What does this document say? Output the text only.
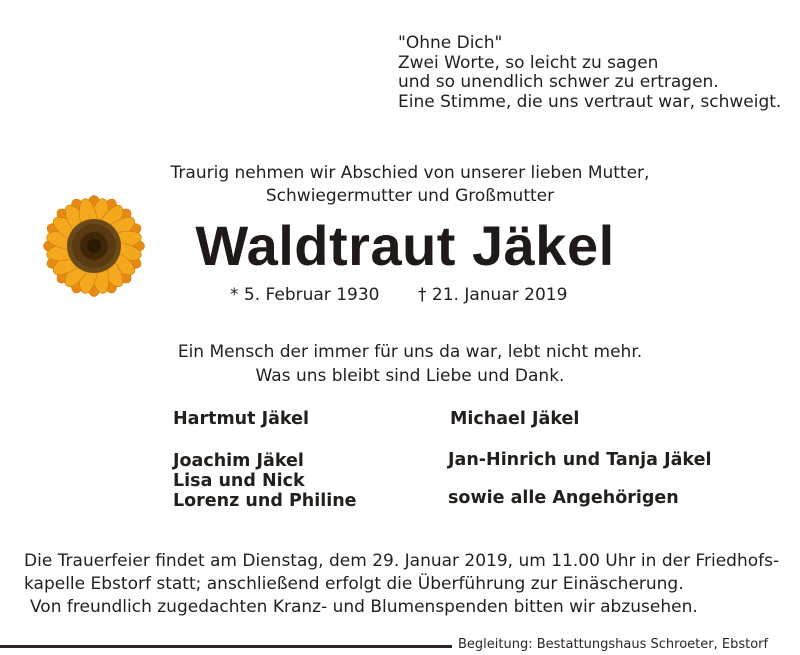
"Ohne Dich"
Zwei Worte, so leicht zu sagen
und so unendlich schwer zu ertragen.
Eine Stimme, die uns vertraut war, schweigt.
Traurig nehmen wir Abschied von unserer lieben Mutter,
Schwiegermutter und Großmutter
Waldtraut Jäkel
* 5. Februar 1930 † 21. Januar 2019
Ein Mensch der immer für uns da war, lebt nicht mehr.
Was uns bleibt sind Liebe und Dank.
Hartmut Jäkel
Joachim Jäkel
Lisa und Nick
Lorenz und Philine
Michael Jäkel
Jan-Hinrich und Tanja Jäkel
sowie alle Angehörigen
Die Trauerfeier findet am Dienstag, dem 29. Januar 2019, um 11.00 Uhr in der Friedhofs-
kapelle Ebstorf statt; anschließend erfolgt die Überführung zur Einäscherung.
Von freundlich zugedachten Kranz- und Blumenspenden bitten wir abzusehen.
Begleitung: Bestattungshaus Schroeter, Ebstorf
